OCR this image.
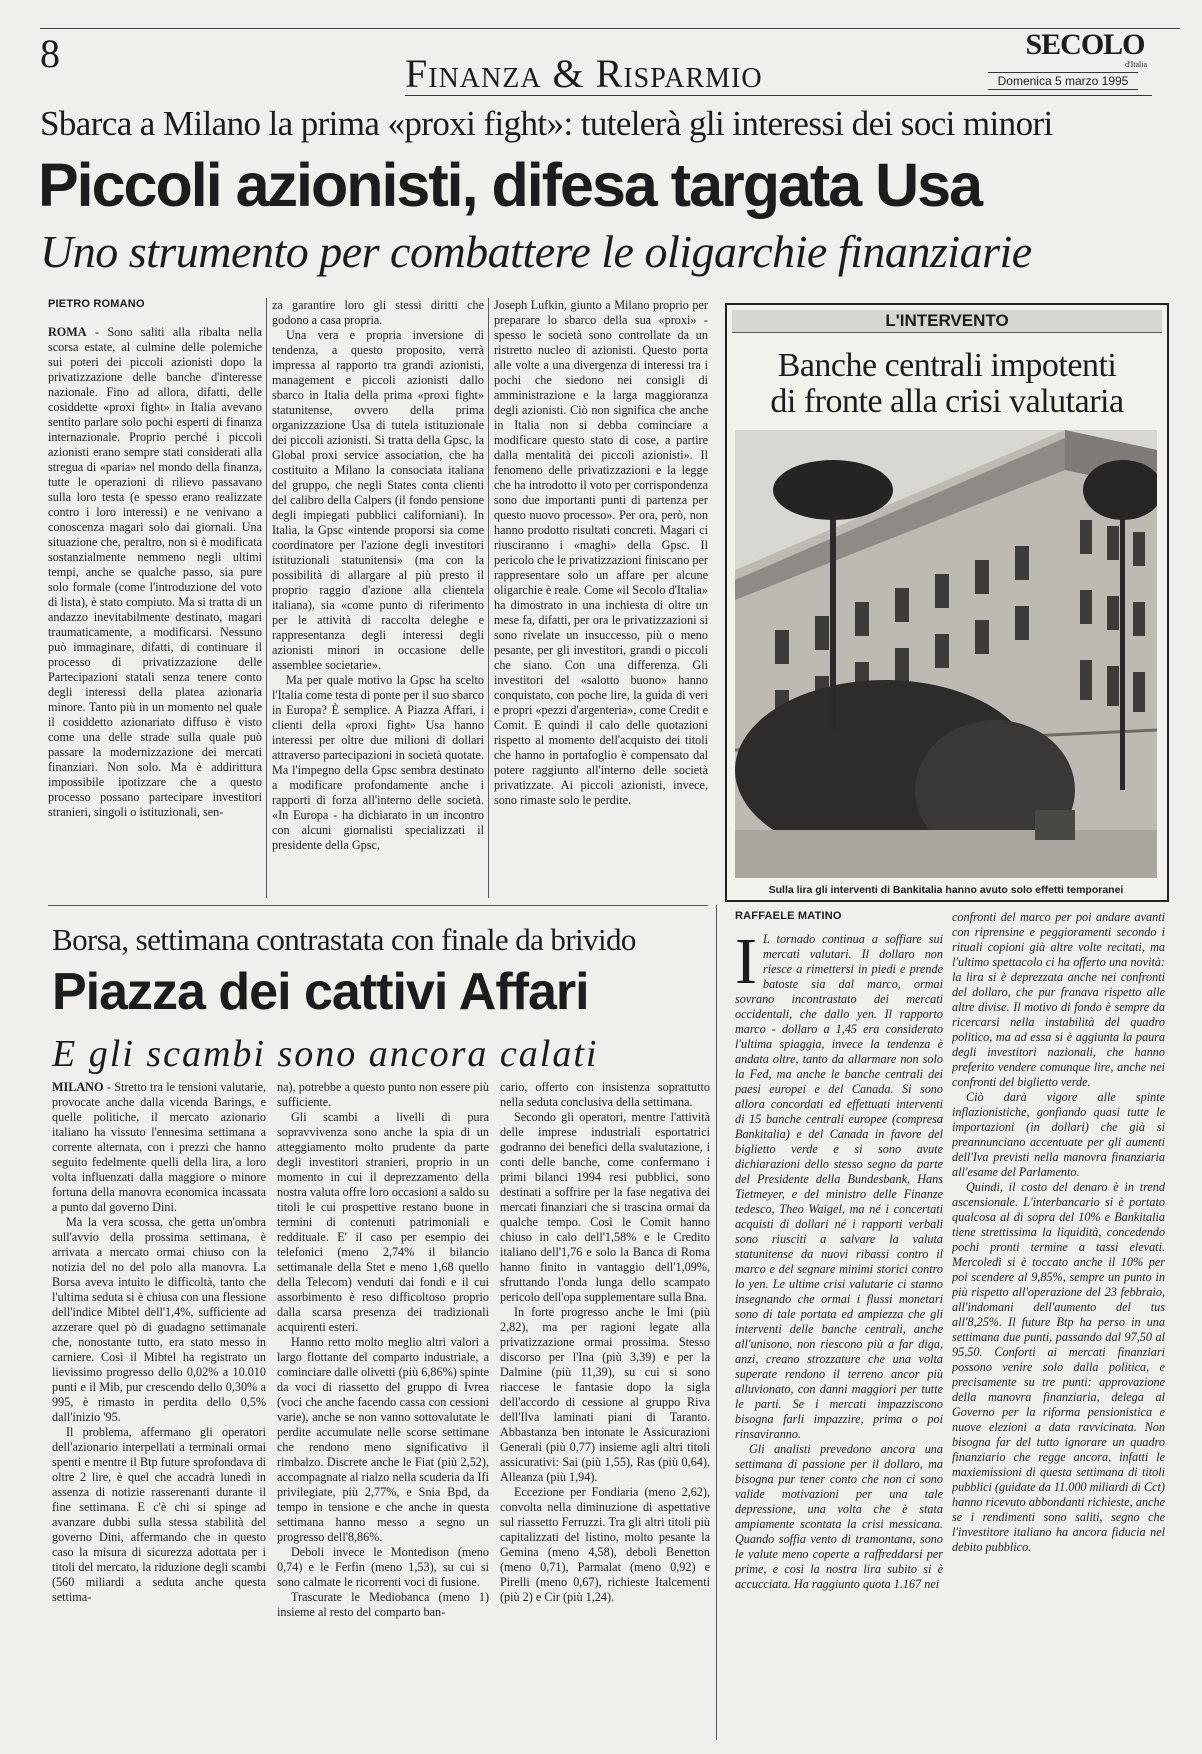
8	Finanza & Risparmio
SECOLO
d'Italia
Domenica 5 marzo 1995
Sbarca a Milano la prima «proxi fight»: tutelerà gli interessi dei soci minori
Piccoli azionisti, difesa targata Usa
Uno strumento per combattere le oligarchie finanziarie
PIETRO ROMANO

ROMA - Sono saliti alla ribalta nella scorsa estate, al culmine delle polemiche sui poteri dei piccoli azionisti dopo la privatizzazione delle banche d'interesse nazionale. Fino ad allora, difatti, delle cosiddette «proxi fight» in Italia avevano sentito parlare solo pochi esperti di finanza internazionale. Proprio perché i piccoli azionisti erano sempre stati considerati alla stregua di «paria» nel mondo della finanza, tutte le operazioni di rilievo passavano sulla loro testa (e spesso erano realizzate contro i loro interessi) e ne venivano a conoscenza magari solo dai giornali. Una situazione che, peraltro, non si è modificata sostanzialmente nemmeno negli ultimi tempi, anche se qualche passo, sia pure solo formale (come l'introduzione del voto di lista), è stato compiuto. Ma si tratta di un andazzo inevitabilmente destinato, magari traumaticamente, a modificarsi. Nessuno può immaginare, difatti, di continuare il processo di privatizzazione delle Partecipazioni statali senza tenere conto degli interessi della platea azionaria minore. Tanto più in un momento nel quale il cosiddetto azionariato diffuso è visto come una delle strade sulla quale può passare la modernizzazione dei mercati finanziari. Non solo. Ma è addirittura impossibile ipotizzare che a questo processo possano partecipare investitori stranieri, singoli o istituzionali, sen-

za garantire loro gli stessi diritti che godono a casa propria.

Una vera e propria inversione di tendenza, a questo proposito, verrà impressa al rapporto tra grandi azionisti, management e piccoli azionisti dallo sbarco in Italia della prima «proxi fight» statunitense, ovvero della prima organizzazione Usa di tutela istituzionale dei piccoli azionisti. Si tratta della Gpsc, la Global proxi service association, che ha costituito a Milano la consociata italiana del gruppo, che negli States conta clienti del calibro della Calpers (il fondo pensione degli impiegati pubblici californiani). In Italia, la Gpsc «intende proporsi sia come coordinatore per l'azione degli investitori istituzionali statunitensi» (ma con la possibilità di allargare al più presto il proprio raggio d'azione alla clientela italiana), sia «come punto di riferimento per le attività di raccolta deleghe e rappresentanza degli interessi degli azionisti minori in occasione delle assemblee societarie».

Ma per quale motivo la Gpsc ha scelto l'Italia come testa di ponte per il suo sbarco in Europa? È semplice. A Piazza Affari, i clienti della «proxi fight» Usa hanno interessi per oltre due milioni di dollari attraverso partecipazioni in società quotate. Ma l'impegno della Gpsc sembra destinato a modificare profondamente anche i rapporti di forza all'interno delle società. «In Europa - ha dichiarato in un incontro con alcuni giornalisti specializzati il presidente della Gpsc,

Joseph Lufkin, giunto a Milano proprio per preparare lo sbarco della sua «proxi» - spesso le società sono controllate da un ristretto nucleo di azionisti. Questo porta alle volte a una divergenza di interessi tra i pochi che siedono nei consigli di amministrazione e la larga maggioranza degli azionisti. Ciò non significa che anche in Italia non si debba cominciare a modificare questo stato di cose, a partire dalla mentalità dei piccoli azionisti». Il fenomeno delle privatizzazioni e la legge che ha introdotto il voto per corrispondenza sono due importanti punti di partenza per questo nuovo processo». Per ora, però, non hanno prodotto risultati concreti. Magari ci riusciranno i «maghi» della Gpsc. Il pericolo che le privatizzazioni finiscano per rappresentare solo un affare per alcune oligarchie è reale. Come «il Secolo d'Italia» ha dimostrato in una inchiesta di oltre un mese fa, difatti, per ora le privatizzazioni si sono rivelate un insuccesso, più o meno pesante, per gli investitori, grandi o piccoli che siano. Con una differenza. Gli investitori del «salotto buono» hanno conquistato, con poche lire, la guida di veri e propri «pezzi d'argenteria», come Credit e Comit. E quindi il calo delle quotazioni rispetto al momento dell'acquisto dei titoli che hanno in portafoglio è compensato dal potere raggiunto all'interno delle società privatizzate. Ai piccoli azionisti, invece, sono rimaste solo le perdite.

L'INTERVENTO
Banche centrali impotenti
di fronte alla crisi valutaria
Sulla lira gli interventi di Bankitalia hanno avuto solo effetti temporanei
Borsa, settimana contrastata con finale da brivido
Piazza dei cattivi Affari
E gli scambi sono ancora calati

MILANO - Stretto tra le tensioni valutarie, provocate anche dalla vicenda Barings, e quelle politiche, il mercato azionario italiano ha vissuto l'ennesima settimana a corrente alternata, con i prezzi che hanno seguito fedelmente quelli della lira, a loro volta influenzati dalla maggiore o minore fortuna della manovra economica incassata a punto dal governo Dini.

Ma la vera scossa, che getta un'ombra sull'avvio della prossima settimana, è arrivata a mercato ormai chiuso con la notizia del no del polo alla manovra. La Borsa aveva intuito le difficoltà, tanto che l'ultima seduta si è chiusa con una flessione dell'indice Mibtel dell'1,4%, sufficiente ad azzerare quel pò di guadagno settimanale che, nonostante tutto, era stato messo in carniere. Così il Mibtel ha registrato un lievissimo progresso dello 0,02% a 10.010 punti e il Mib, pur crescendo dello 0,30% a 995, è rimasto in perdita dello 0,5% dall'inizio '95.

Il problema, affermano gli operatori dell'azionario interpellati a terminali ormai spenti e mentre il Btp future sprofondava di oltre 2 lire, è quel che accadrà lunedì in assenza di notizie rasserenanti durante il fine settimana. E c'è chi si spinge ad avanzare dubbi sulla stessa stabilità del governo Dini, affermando che in questo caso la misura di sicurezza adottata per i titoli del mercato, la riduzione degli scambi (560 miliardi a seduta anche questa settima-

na), potrebbe a questo punto non essere più sufficiente.

Gli scambi a livelli di pura sopravvivenza sono anche la spia di un atteggiamento molto prudente da parte degli investitori stranieri, proprio in un momento in cui il deprezzamento della nostra valuta offre loro occasioni a saldo su titoli le cui prospettive restano buone in termini di contenuti patrimoniali e reddituale. E' il caso per esempio dei telefonici (meno 2,74% il bilancio settimanale della Stet e meno 1,68 quello della Telecom) venduti dai fondi e il cui assorbimento è reso difficoltoso proprio dalla scarsa presenza dei tradizionali acquirenti esteri.

Hanno retto molto meglio altri valori a largo flottante del comparto industriale, a cominciare dalle olivetti (più 6,86%) spinte da voci di riassetto del gruppo di Ivrea (voci che anche facendo cassa con cessioni varie), anche se non vanno sottovalutate le perdite accumulate nelle scorse settimane che rendono meno significativo il rimbalzo. Discrete anche le Fiat (più 2,52), accompagnate al rialzo nella scuderia da Ifi privilegiate, più 2,77%, e Snia Bpd, da tempo in tensione e che anche in questa settimana hanno messo a segno un progresso dell'8,86%.

Deboli invece le Montedison (meno 0,74) e le Ferfin (meno 1,53), su cui si sono calmate le ricorrenti voci di fusione.

Trascurate le Mediobanca (meno 1) insieme al resto del comparto ban-

cario, offerto con insistenza soprattutto nella seduta conclusiva della settimana.

Secondo gli operatori, mentre l'attività delle imprese industriali esportatrici godranno dei benefici della svalutazione, i conti delle banche, come confermano i primi bilanci 1994 resi pubblici, sono destinati a soffrire per la fase negativa dei mercati finanziari che si trascina ormai da qualche tempo. Così le Comit hanno chiuso in calo dell'1,58% e le Credito italiano dell'1,76 e solo la Banca di Roma hanno finito in vantaggio dell'1,09%, sfruttando l'onda lunga dello scampato pericolo dell'opa supplementare sulla Bna.

In forte progresso anche le Imi (più 2,82), ma per ragioni legate alla privatizzazione ormai prossima. Stesso discorso per l'Ina (più 3,39) e per la Dalmine (più 11,39), su cui si sono riaccese le fantasie dopo la sigla dell'accordo di cessione al gruppo Riva dell'Ilva laminati piani di Taranto. Abbastanza ben intonate le Assicurazioni Generali (più 0,77) insieme agli altri titoli assicurativi: Sai (più 1,55), Ras (più 0,64), Alleanza (più 1,94).

Eccezione per Fondiaria (meno 2,62), convolta nella diminuzione di aspettative sul riassetto Ferruzzi. Tra gli altri titoli più capitalizzati del listino, molto pesante la Gemina (meno 4,58), deboli Benetton (meno 0,71), Parmalat (meno 0,92) e Pirelli (meno 0,67), richieste Italcementi (più 2) e Cir (più 1,24).

RAFFAELE MATINO

I L tornado continua a soffiare sui mercati valutari. Il dollaro non riesce a rimettersi in piedi e prende batoste sia dal marco, ormai sovrano incontrastato dei mercati occidentali, che dallo yen. Il rapporto marco - dollaro a 1,45 era considerato l'ultima spiaggia, invece la tendenza è andata oltre, tanto da allarmare non solo la Fed, ma anche le banche centrali dei paesi europei e del Canada. Si sono allora concordati ed effettuati interventi di 15 banche centrali europee (compresa Bankitalia) e del Canada in favore del biglietto verde e si sono avute dichiarazioni dello stesso segno da parte del Presidente della Bundesbank, Hans Tietmeyer, e del ministro delle Finanze tedesco, Theo Waigel, ma né i concertati acquisti di dollari né i rapporti verbali sono riusciti a salvare la valuta statunitense da nuovi ribassi contro il marco e del segnare minimi storici contro lo yen. Le ultime crisi valutarie ci stanno insegnando che ormai i flussi monetari sono di tale portata ed ampiezza che gli interventi delle banche centrali, anche all'unisono, non riescono più a far diga, anzi, creano strozzature che una volta superate rendono il terreno ancor più alluvionato, con danni maggiori per tutte le parti. Se i mercati impazziscono bisogna farli impazzire, prima o poi rinsaviranno.

Gli analisti prevedono ancora una settimana di passione per il dollaro, ma bisogna pur tener conto che non ci sono valide motivazioni per una tale depressione, una volta che è stata ampiamente scontata la crisi messicana. Quando soffia vento di tramontana, sono le valute meno coperte a raffreddarsi per prime, e così la nostra lira subito si è accucciata. Ha raggiunto quota 1.167 nei

confronti del marco per poi andare avanti con riprensine e peggioramenti secondo i rituali copioni già altre volte recitati, ma l'ultimo spettacolo ci ha offerto una novità: la lira si è deprezzata anche nei confronti del dollaro, che pur franava rispetto alle altre divise. Il motivo di fondo è sempre da ricercarsi nella instabilità del quadro politico, ma ad essa si è aggiunta la paura degli investitori nazionali, che hanno preferito vendere comunque lire, anche nei confronti del biglietto verde.

Ciò darà vigore alle spinte inflazionistiche, gonfiando quasi tutte le importazioni (in dollari) che già si preannunciano accentuate per gli aumenti dell'Iva previsti nella manovra finanziaria all'esame del Parlamento.

Quindi, il costo del denaro è in trend ascensionale. L'interbancario si è portato qualcosa al di sopra del 10% e Bankitalia tiene strettissima la liquidità, concedendo pochi pronti termine a tassi elevati. Mercoledì si è toccato anche il 10% per poi scendere al 9,85%, sempre un punto in più rispetto all'operazione del 23 febbraio, all'indomani dell'aumento del tus all'8,25%. Il future Btp ha perso in una settimana due punti, passando dal 97,50 al 95,50. Conforti ai mercati finanziari possono venire solo dalla politica, e precisamente su tre punti: approvazione della manovra finanziaria, delega al Governo per la riforma pensionistica e nuove elezioni a data ravvicinata. Non bisogna far del tutto ignorare un quadro finanziario che regge ancora, infatti le maxiemissioni di questa settimana di titoli pubblici (guidate da 11.000 miliardi di Cct) hanno ricevuto abbondanti richieste, anche se i rendimenti sono saliti, segno che l'investitore italiano ha ancora fiducia nel debito pubblico.
